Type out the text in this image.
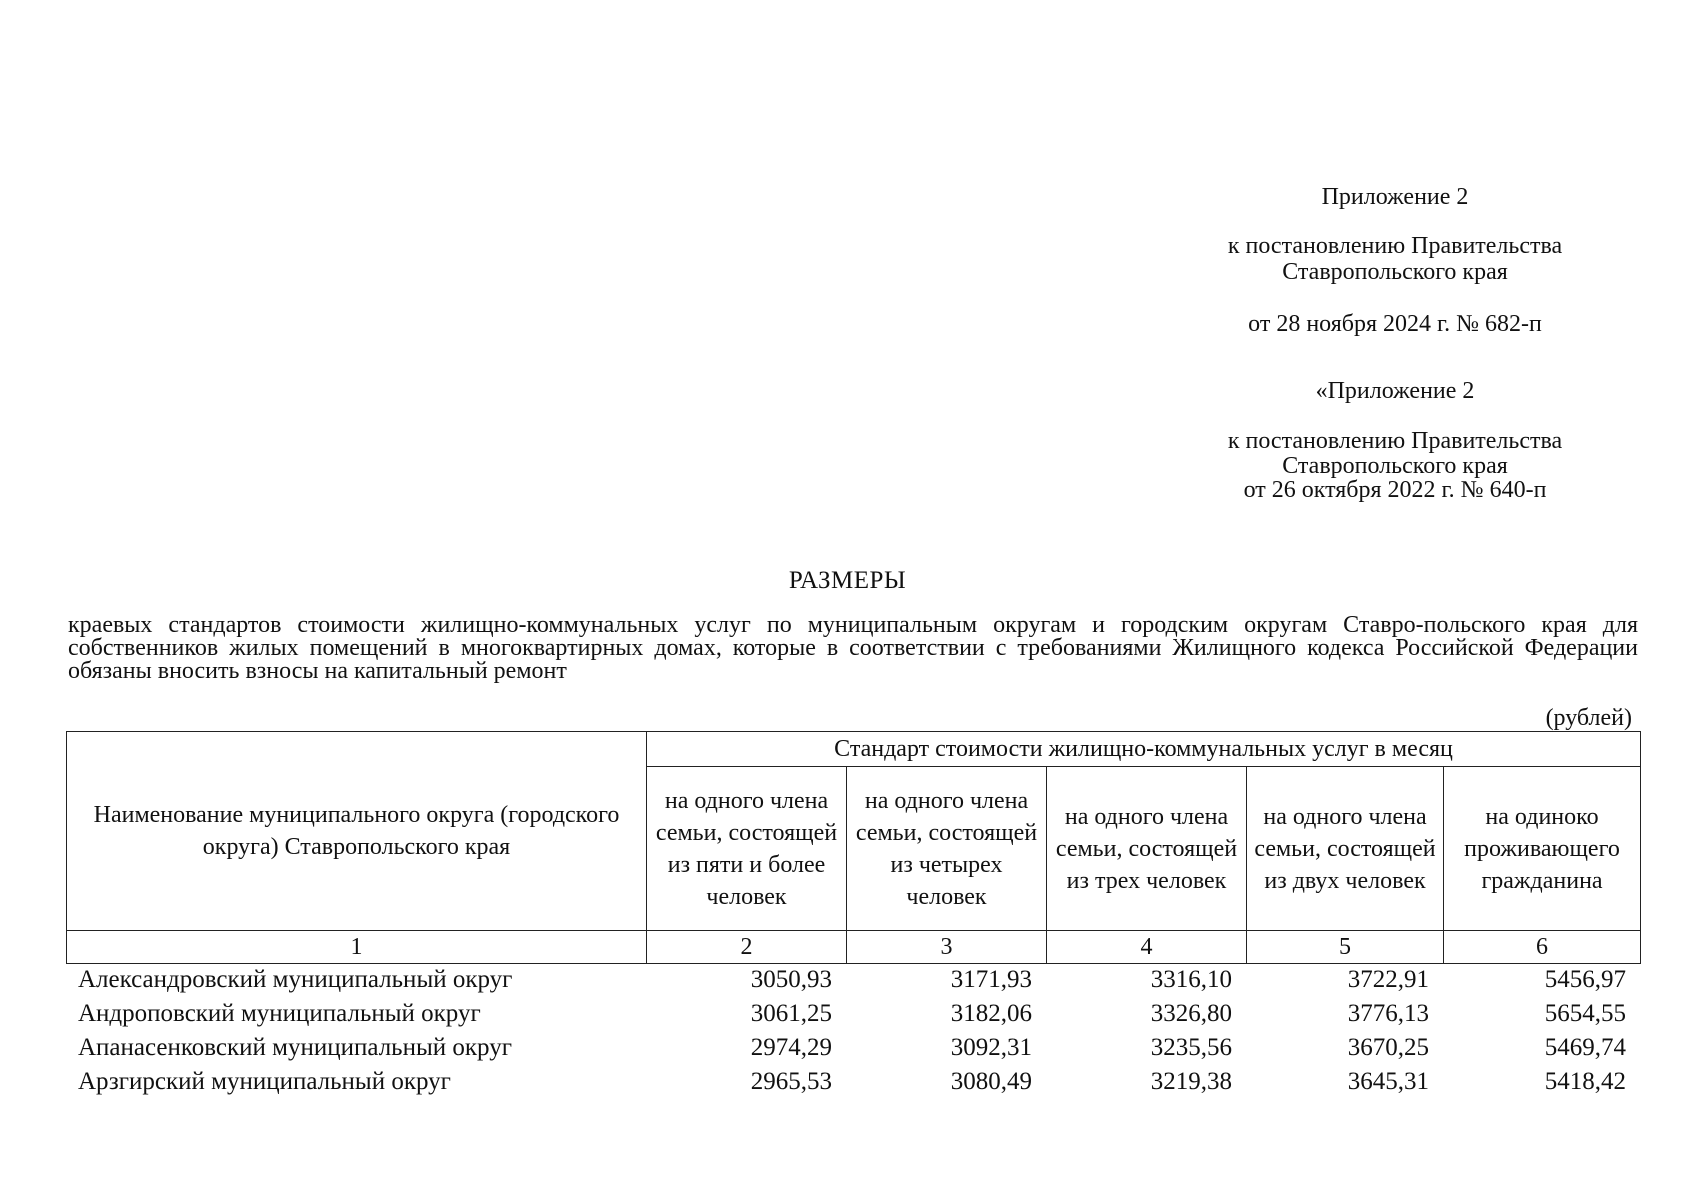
Приложение 2
к постановлению Правительства
Ставропольского края
от 28 ноября 2024 г. № 682-п
«Приложение 2
к постановлению Правительства
Ставропольского края
от 26 октября 2022 г. № 640-п
РАЗМЕРЫ
краевых стандартов стоимости жилищно-коммунальных услуг по муниципальным округам и городским округам Ставро-польского края для собственников жилых помещений в многоквартирных домах, которые в соответствии с требованиями Жилищного кодекса Российской Федерации обязаны вносить взносы на капитальный ремонт
(рублей)
Наименование муниципального округа (городского округа) Ставропольского края	Стандарт стоимости жилищно-коммунальных услуг в месяц				
	на одного члена семьи, состоящей из пяти и более человек	на одного члена семьи, состоящей из четырех человек	на одного члена семьи, состоящей из трех человек	на одного члена семьи, состоящей из двух человек	на одиноко проживающего гражданина
1	2	3	4	5	6
Александровский муниципальный округ	3050,93	3171,93	3316,10	3722,91	5456,97
Андроповский муниципальный округ	3061,25	3182,06	3326,80	3776,13	5654,55
Апанасенковский муниципальный округ	2974,29	3092,31	3235,56	3670,25	5469,74
Арзгирский муниципальный округ	2965,53	3080,49	3219,38	3645,31	5418,42
